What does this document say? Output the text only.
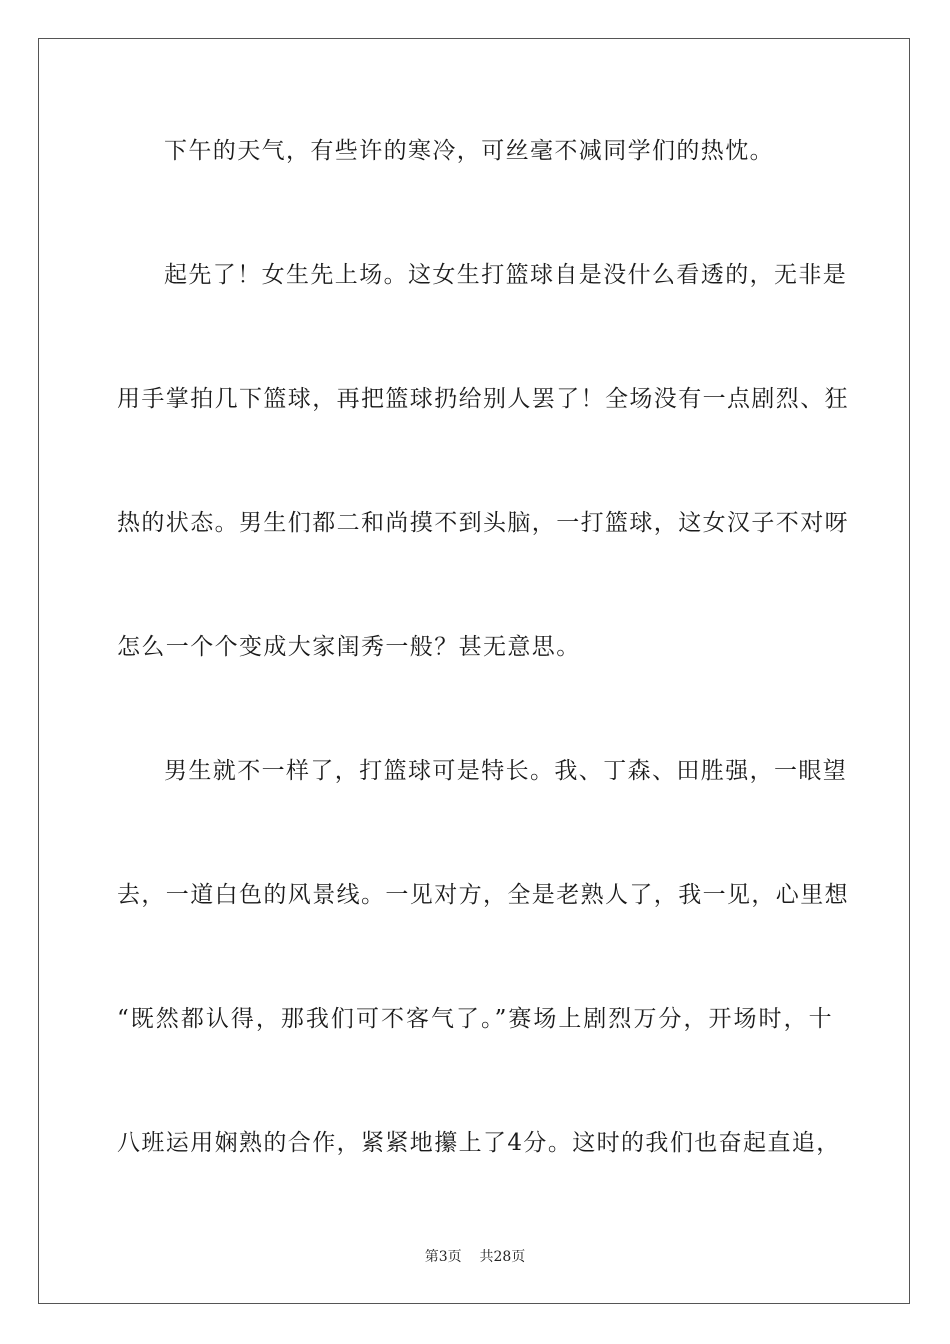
下午的天气，有些许的寒冷，可丝毫不减同学们的热忱。
起先了！女生先上场。这女生打篮球自是没什么看透的，无非是
用手掌拍几下篮球，再把篮球扔给别人罢了！全场没有一点剧烈、狂
热的状态。男生们都二和尚摸不到头脑，一打篮球，这女汉子不对呀
怎么一个个变成大家闺秀一般？甚无意思。
男生就不一样了，打篮球可是特长。我、丁森、田胜强，一眼望
去，一道白色的风景线。一见对方，全是老熟人了，我一见，心里想
“既然都认得，那我们可不客气了。”赛场上剧烈万分，开场时，十
八班运用娴熟的合作，紧紧地攥上了4分。这时的我们也奋起直追，
第3页 共28页
